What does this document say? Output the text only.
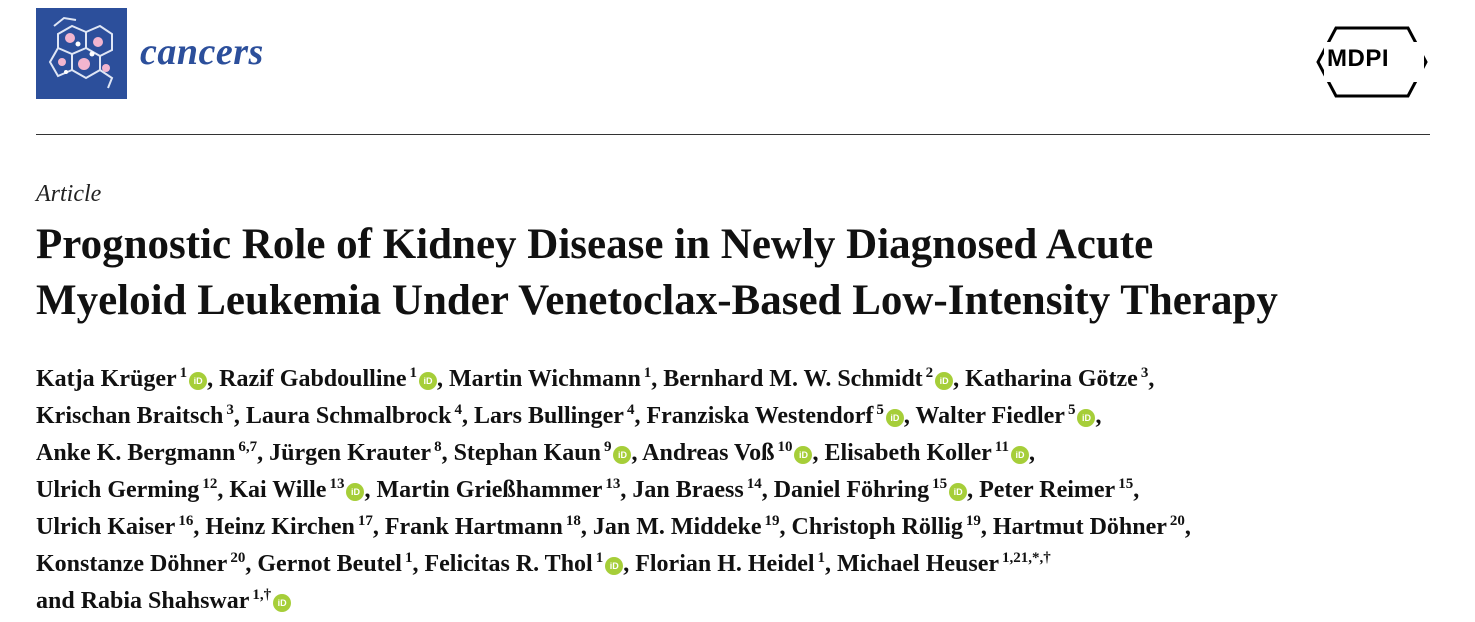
cancers	MDPI
Article
Prognostic Role of Kidney Disease in Newly Diagnosed Acute
Myeloid Leukemia Under Venetoclax-Based Low-Intensity Therapy
Katja Krüger $^1$ iD , Razif Gabdoulline $^1$ iD , Martin Wichmann $^1$, Bernhard M. W. Schmidt $^2$ iD , Katharina Götze $^3$,
Krischan Braitsch $^3$, Laura Schmalbrock $^4$, Lars Bullinger $^4$, Franziska Westendorf $^5$ iD , Walter Fiedler $^5$ iD ,
Anke K. Bergmann $^{6,7}$, Jürgen Krauter $^8$, Stephan Kaun $^9$ iD , Andreas Voß $^{10}$ iD , Elisabeth Koller $^{11}$ iD ,
Ulrich Germing $^{12}$, Kai Wille $^{13}$ iD , Martin Grießhammer $^{13}$, Jan Braess $^{14}$, Daniel Föhring $^{15}$ iD , Peter Reimer $^{15}$,
Ulrich Kaiser $^{16}$, Heinz Kirchen $^{17}$, Frank Hartmann $^{18}$, Jan M. Middeke $^{19}$, Christoph Röllig $^{19}$, Hartmut Döhner $^{20}$,
Konstanze Döhner $^{20}$, Gernot Beutel $^1$, Felicitas R. Thol $^1$ iD , Florian H. Heidel $^1$, Michael Heuser $^{1,21,*,\dagger}$
and Rabia Shahswar $^{1,\dagger}$ iD
